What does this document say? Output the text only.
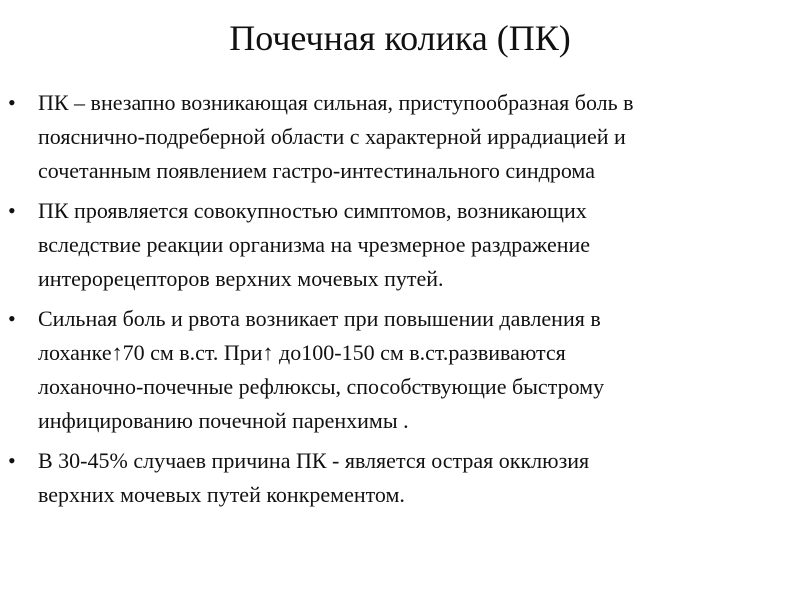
Почечная колика (ПК)
• ПК – внезапно возникающая сильная, приступообразная боль в
пояснично-подреберной области с характерной иррадиацией и
сочетанным появлением гастро-интестинального синдрома
• ПК проявляется совокупностью симптомов, возникающих
вследствие реакции организма на чрезмерное раздражение
интерорецепторов верхних мочевых путей.
• Сильная боль и рвота возникает при повышении давления в
лоханке↑70 см в.ст. При↑ до100-150 см в.ст.развиваются
лоханочно-почечные рефлюксы, способствующие быстрому
инфицированию почечной паренхимы .
• В 30-45% случаев причина ПК - является острая окклюзия
верхних мочевых путей конкрементом.
